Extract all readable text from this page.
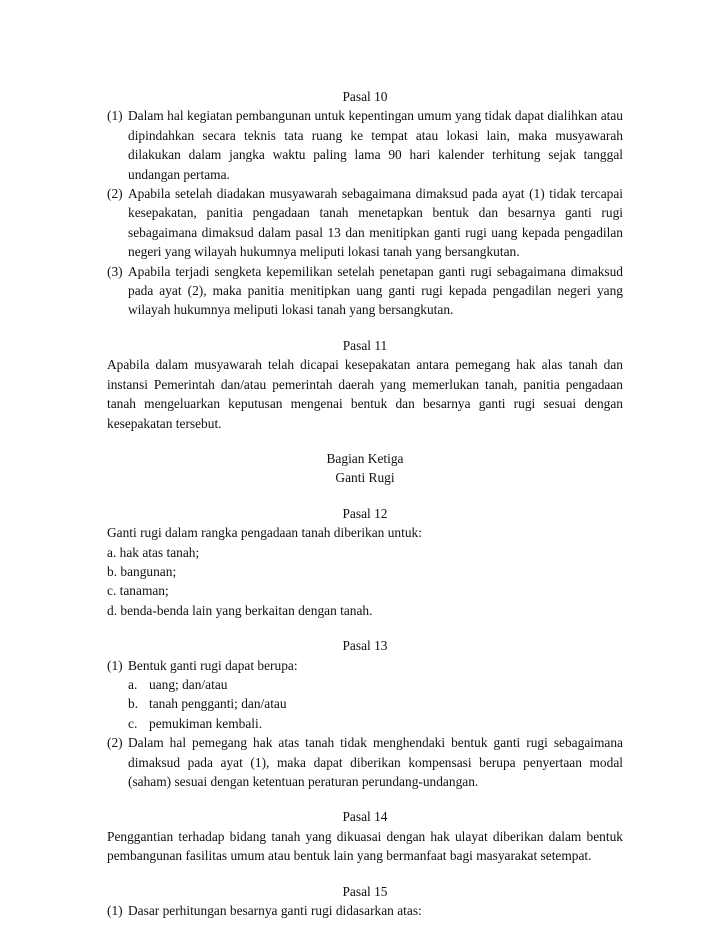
Pasal 10
(1) Dalam hal kegiatan pembangunan untuk kepentingan umum yang tidak dapat dialihkan atau dipindahkan secara teknis tata ruang ke tempat atau lokasi lain, maka musyawarah dilakukan dalam jangka waktu paling lama 90 hari kalender terhitung sejak tanggal undangan pertama.
(2) Apabila setelah diadakan musyawarah sebagaimana dimaksud pada ayat (1) tidak tercapai kesepakatan, panitia pengadaan tanah menetapkan bentuk dan besarnya ganti rugi sebagaimana dimaksud dalam pasal 13 dan menitipkan ganti rugi uang kepada pengadilan negeri yang wilayah hukumnya meliputi lokasi tanah yang bersangkutan.
(3) Apabila terjadi sengketa kepemilikan setelah penetapan ganti rugi sebagaimana dimaksud pada ayat (2), maka panitia menitipkan uang ganti rugi kepada pengadilan negeri yang wilayah hukumnya meliputi lokasi tanah yang bersangkutan.
Pasal 11
Apabila dalam musyawarah telah dicapai kesepakatan antara pemegang hak alas tanah dan instansi Pemerintah dan/atau pemerintah daerah yang memerlukan tanah, panitia pengadaan tanah mengeluarkan keputusan mengenai bentuk dan besarnya ganti rugi sesuai dengan kesepakatan tersebut.
Bagian Ketiga
Ganti Rugi
Pasal 12
Ganti rugi dalam rangka pengadaan tanah diberikan untuk:
a. hak atas tanah;
b. bangunan;
c. tanaman;
d. benda-benda lain yang berkaitan dengan tanah.
Pasal 13
(1) Bentuk ganti rugi dapat berupa:
a. uang; dan/atau
b. tanah pengganti; dan/atau
c. pemukiman kembali.
(2) Dalam hal pemegang hak atas tanah tidak menghendaki bentuk ganti rugi sebagaimana dimaksud pada ayat (1), maka dapat diberikan kompensasi berupa penyertaan modal (saham) sesuai dengan ketentuan peraturan perundang-undangan.
Pasal 14
Penggantian terhadap bidang tanah yang dikuasai dengan hak ulayat diberikan dalam bentuk pembangunan fasilitas umum atau bentuk lain yang bermanfaat bagi masyarakat setempat.
Pasal 15
(1) Dasar perhitungan besarnya ganti rugi didasarkan atas:
